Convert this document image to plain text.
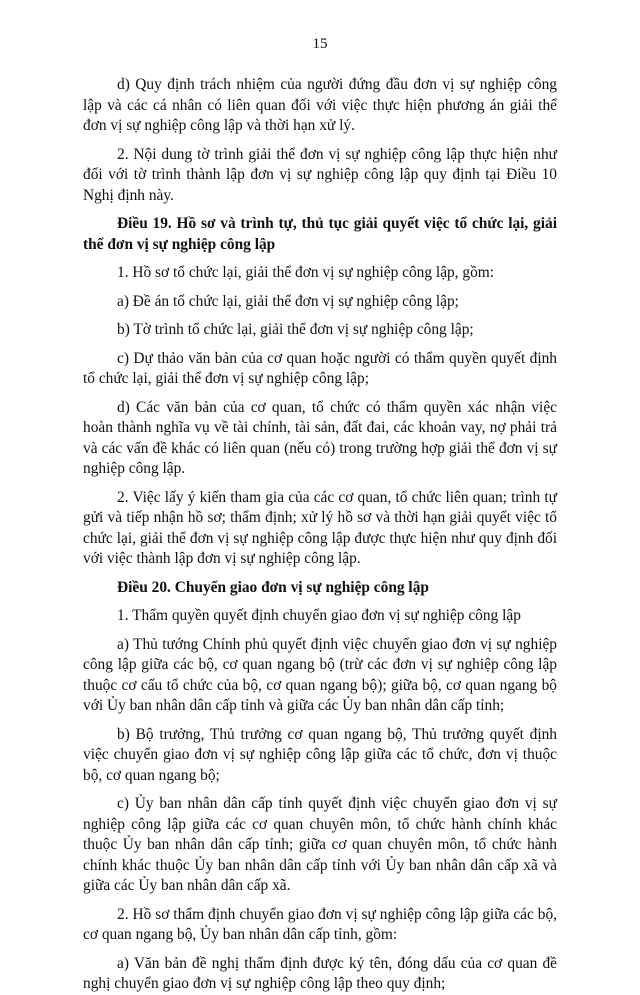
15

d) Quy định trách nhiệm của người đứng đầu đơn vị sự nghiệp công lập và các cá nhân có liên quan đối với việc thực hiện phương án giải thể đơn vị sự nghiệp công lập và thời hạn xử lý.

2. Nội dung tờ trình giải thể đơn vị sự nghiệp công lập thực hiện như đối với tờ trình thành lập đơn vị sự nghiệp công lập quy định tại Điều 10 Nghị định này.

Điều 19. Hồ sơ và trình tự, thủ tục giải quyết việc tổ chức lại, giải thể đơn vị sự nghiệp công lập

1. Hồ sơ tổ chức lại, giải thể đơn vị sự nghiệp công lập, gồm:

a) Đề án tổ chức lại, giải thể đơn vị sự nghiệp công lập;

b) Tờ trình tổ chức lại, giải thể đơn vị sự nghiệp công lập;

c) Dự thảo văn bản của cơ quan hoặc người có thẩm quyền quyết định tổ chức lại, giải thể đơn vị sự nghiệp công lập;

d) Các văn bản của cơ quan, tổ chức có thẩm quyền xác nhận việc hoàn thành nghĩa vụ về tài chính, tài sản, đất đai, các khoản vay, nợ phải trả và các vấn đề khác có liên quan (nếu có) trong trường hợp giải thể đơn vị sự nghiệp công lập.

2. Việc lấy ý kiến tham gia của các cơ quan, tổ chức liên quan; trình tự gửi và tiếp nhận hồ sơ; thẩm định; xử lý hồ sơ và thời hạn giải quyết việc tổ chức lại, giải thể đơn vị sự nghiệp công lập được thực hiện như quy định đối với việc thành lập đơn vị sự nghiệp công lập.

Điều 20. Chuyển giao đơn vị sự nghiệp công lập

1. Thẩm quyền quyết định chuyển giao đơn vị sự nghiệp công lập

a) Thủ tướng Chính phủ quyết định việc chuyển giao đơn vị sự nghiệp công lập giữa các bộ, cơ quan ngang bộ (trừ các đơn vị sự nghiệp công lập thuộc cơ cấu tổ chức của bộ, cơ quan ngang bộ); giữa bộ, cơ quan ngang bộ với Ủy ban nhân dân cấp tỉnh và giữa các Ủy ban nhân dân cấp tỉnh;

b) Bộ trưởng, Thủ trưởng cơ quan ngang bộ, Thủ trưởng quyết định việc chuyển giao đơn vị sự nghiệp công lập giữa các tổ chức, đơn vị thuộc bộ, cơ quan ngang bộ;

c) Ủy ban nhân dân cấp tỉnh quyết định việc chuyển giao đơn vị sự nghiệp công lập giữa các cơ quan chuyên môn, tổ chức hành chính khác thuộc Ủy ban nhân dân cấp tỉnh; giữa cơ quan chuyên môn, tổ chức hành chính khác thuộc Ủy ban nhân dân cấp tỉnh với Ủy ban nhân dân cấp xã và giữa các Ủy ban nhân dân cấp xã.

2. Hồ sơ thẩm định chuyển giao đơn vị sự nghiệp công lập giữa các bộ, cơ quan ngang bộ, Ủy ban nhân dân cấp tỉnh, gồm:

a) Văn bản đề nghị thẩm định được ký tên, đóng dấu của cơ quan đề nghị chuyển giao đơn vị sự nghiệp công lập theo quy định;
